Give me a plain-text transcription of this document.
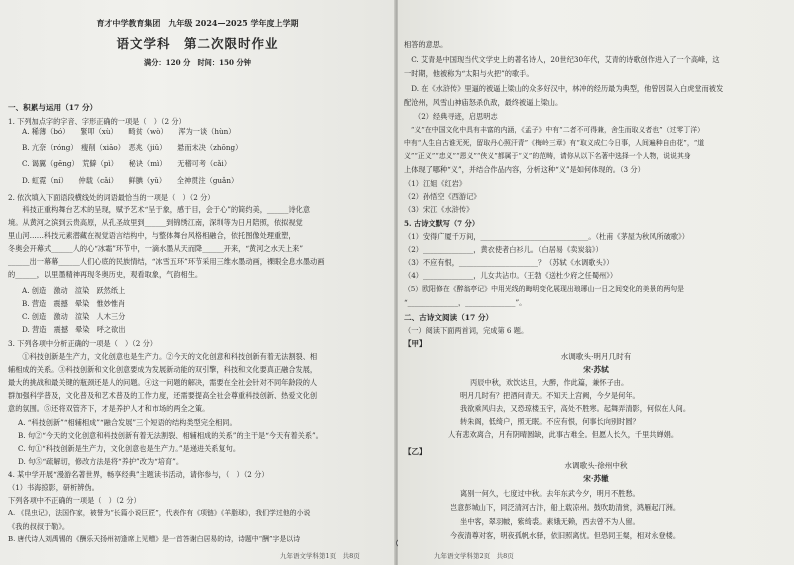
育才中学教育集团　九年级 2024—2025 学年度上学期
语文学科　第二次限时作业
满分：120 分　时间：150 分钟
一、积累与运用（17 分）
1. 下列加点字的字音、字形正确的一项是（　）（2 分）
A. 稀薄（bó）　　緊叩（xù）　　畸贫（wò）　　浑为一谈（hùn）
B. 亢奈（róng）　瘦削（xiāo）　恶兆（jiǔ）　　悬而未决（zhōng）
C. 谒翼（gēng）　荒僻（pì）　　秘诀（mì）　　无稽可考（cǎi）
D. 虹霓（ní）　　仲载（cǎi）　　鲜腆（yǔ）　　全神贯注（guǎn）
2. 依次填入下面语段横线处的词语最恰当的一项是（　）（2 分）
　　科技正重构舞台艺术的呈现，赋予艺术“呈于象，感于目，会于心”的简约美，______诗化意
境。从黄河之滨到云贵高原，从孔圣故里到______到锦绣江南，深圳等为日月陪照，依拟视觉
里山河……科技元素潜藏在视觉语言结构中，与整体舞台风格相融合，依托图像处理重塑，
冬奥会开幕式______人的心“冰霜”环节中，一滴水墨从天而降______开来，“黄河之水天上来”
______出一幕幕______人们心底的民族情结，“冰雪五环”环节采用三维水墨动画，裸眼全息水墨动画
的______，以里墨精神再现冬奥历史，观看取象，气韵相生。
A. 创造　激动　渲染　跃然纸上
B. 营造　震撼　晕染　惟妙惟肖
C. 创造　激动　渲染　人木三分
D. 营造　震撼　晕染　呼之欲出
3. 下列各项中分析正确的一项是（　）（2 分）
　　①科技创新是生产力，文化创意也是生产力。②今天的文化创意和科技创新有着无法割裂、相
辅相成的关系。③科技创新和文化创意要成为发展新动能的双引擎，科技和文化要真正融合发展，
最大的挑战和最关键的瓶颈还是人的问题。④这一问题的解决，需要在全社会针对不同年龄段的人
群加强科学普及，文化普及和艺术普及的工作力度，还需要提高全社会尊重科技创新、热爱文化创
意的氛围。⑤还将双管齐下，才是养护人才和市场的两全之策。
A. “科技创新”“相辅相成”“融合发展”三个短语的结构类型完全相同。
B. 句②“今天的文化创意和科技创新有着无法割裂、相辅相成的关系”的主干是“今天有着关系”。
C. 句①“科技创新是生产力，文化创意也是生产力。”是递进关系复句。
D. 句⑤“疏解切，修改方法是将“养护”改为“培育”。
4. 某中学开展“漫游名著世界，畅享经典”主题读书活动，请你参与，（　）（2 分）
（1）书海掠影，研析辨伪。
下列各项中不正确的一项是（　）（2 分）
A. 《昆虫记》，法国作家，被誉为“长篇小说巨匠”，代表作有《项链》《羊脂球》，我们学过他的小说
《我的叔叔于勒》。
B. 唐代诗人刘禹锡的《酬乐天扬州初逢席上见赠》是一首答谢白居易的诗，诗题中“酬”字是以诗
九年语文学科第1页　共8页
相答的意思。
　C. 艾青是中国现当代文学史上的著名诗人，20世纪30年代，艾青的诗歌创作进入了一个高峰，这
一时期，他被称为“太阳与火把”的歌手。
　D. 在《水浒传》里逼的被逼上梁山的众多好汉中，林冲的经历最为典型，他曾因误入白虎堂而被发
配沧州，风雪山神庙怒杀仇敌，最终被逼上梁山。
（2）经典寻迹，启思明志
　“义”在中国文化中具有丰富的内涵，《孟子》中有“二者不可得兼，舍生而取义者也”（过零丁洋）
中有“人生自古谁无死，留取丹心照汗青”《梅岭三章》有“取义成仁今日事，人间遍种自由花”，“道
义”“正义”“忠义”“恩义”“侠义”都属于“义”的范畴，请你从以下名著中选择一个人物，说说其身
上体现了哪种“义”，并结合作品内容，分析这种“义”是如何体现的。（3 分）
（1）江姐《红岩》
（2）孙悟空《西游记》
（3）宋江《水浒传》
5. 古诗文默写（7 分）
（1）安得广厦千万间，______________________________。（杜甫《茅屋为秋风所破歌》）
（2）______________，黄衣使者白衫儿。（白居易《卖炭翁》）
（3）不应有恨，______________________？（苏轼《水调歌头》）
（4）______________，儿女共沾巾。（王勃《送杜少府之任蜀州》）
（5）欧阳修在《醉翁亭记》中用光线的晦明变化展现出琅琊山一日之间变化的美景的两句是
“______________，______________”。
二、古诗文阅读（17 分）
（一）阅读下面两首词，完成第 6 题。
【甲】
水调歌头·明月几时有
宋·苏轼
丙辰中秋，欢饮达旦，大醉，作此篇，兼怀子由。
明月几时有？把酒问青天。不知天上宫阙，今夕是何年。
我欲乘风归去，又恐琼楼玉宇，高处不胜寒。起舞弄清影，何似在人间。
转朱阁，低绮户，照无眠。不应有恨，何事长向别时圆？
人有悲欢离合，月有阴晴圆缺，此事古难全。但愿人长久，千里共婵娟。
【乙】
水调歌头·徐州中秋
宋·苏辙
离别一何久，七度过中秋。去年东武今夕，明月不胜愁。
岂意彭城山下，同泛清河古汴，船上载凉州。鼓吹助清赏，鸿雁起汀洲。
坐中客，翠羽帔，紫绮裘。素娥无赖，西去曾不为人留。
今夜清尊对客，明夜孤帆水驿，依旧照离忧。但恐同王粲，相对永登楼。
九年语文学科第2页　共8页
